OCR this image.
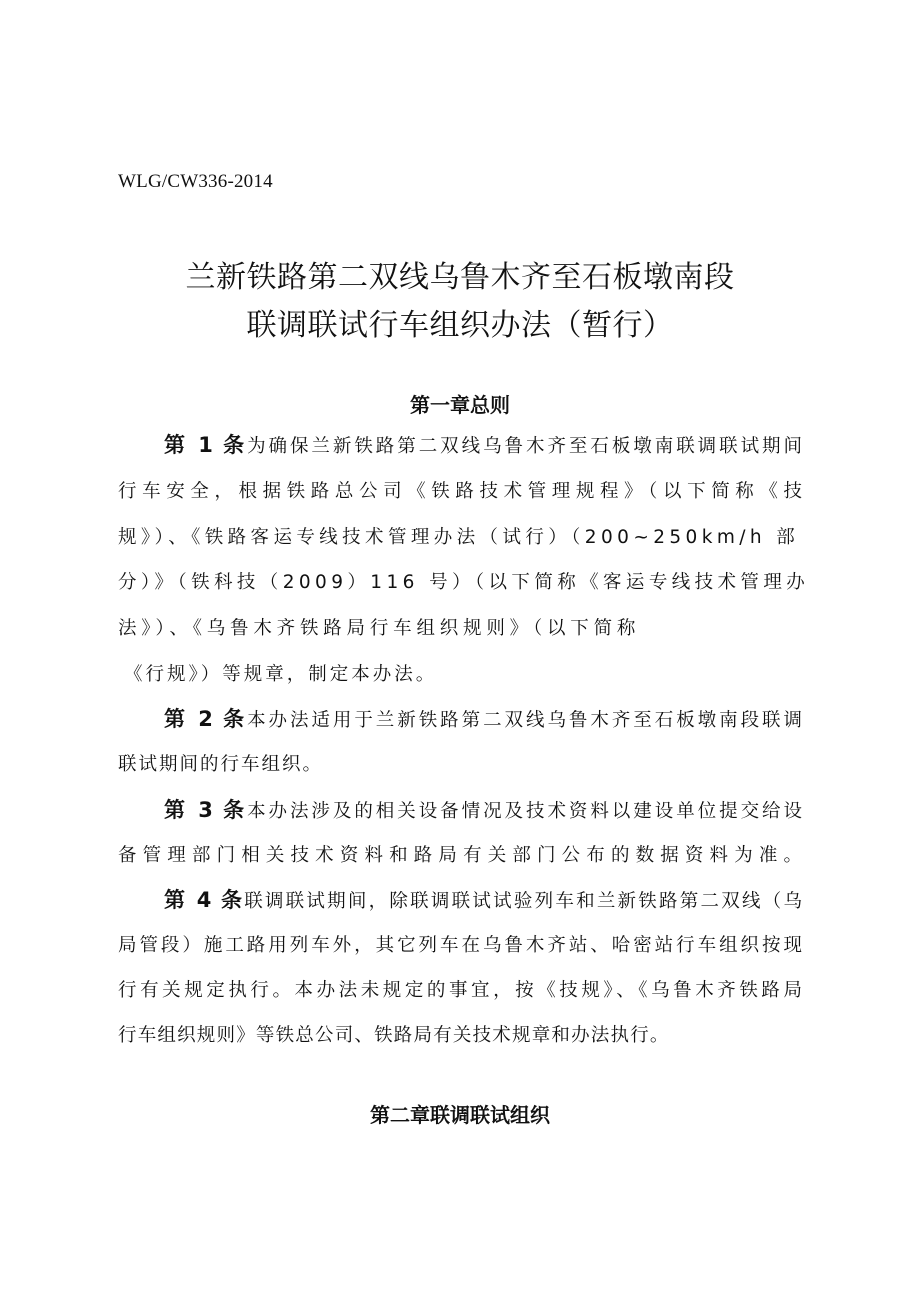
WLG/CW336-2014
兰新铁路第二双线乌鲁木齐至石板墩南段
联调联试行车组织办法（暂行）
第一章总则
第 1 条为确保兰新铁路第二双线乌鲁木齐至石板墩南联调联试期间
行车安全，根据铁路总公司《铁路技术管理规程》（以下简称《技
规》）、《铁路客运专线技术管理办法（试行）（200~250km/h 部
分）》（铁科技（2009）116 号）（以下简称《客运专线技术管理办
法》）、《乌鲁木齐铁路局行车组织规则》（以下简称
《行规》）等规章，制定本办法。
第 2 条本办法适用于兰新铁路第二双线乌鲁木齐至石板墩南段联调
联试期间的行车组织。
第 3 条本办法涉及的相关设备情况及技术资料以建设单位提交给设
备管理部门相关技术资料和路局有关部门公布的数据资料为准。
第 4 条联调联试期间，除联调联试试验列车和兰新铁路第二双线（乌
局管段）施工路用列车外，其它列车在乌鲁木齐站、哈密站行车组织按现
行有关规定执行。本办法未规定的事宜，按《技规》、《乌鲁木齐铁路局
行车组织规则》等铁总公司、铁路局有关技术规章和办法执行。
第二章联调联试组织
